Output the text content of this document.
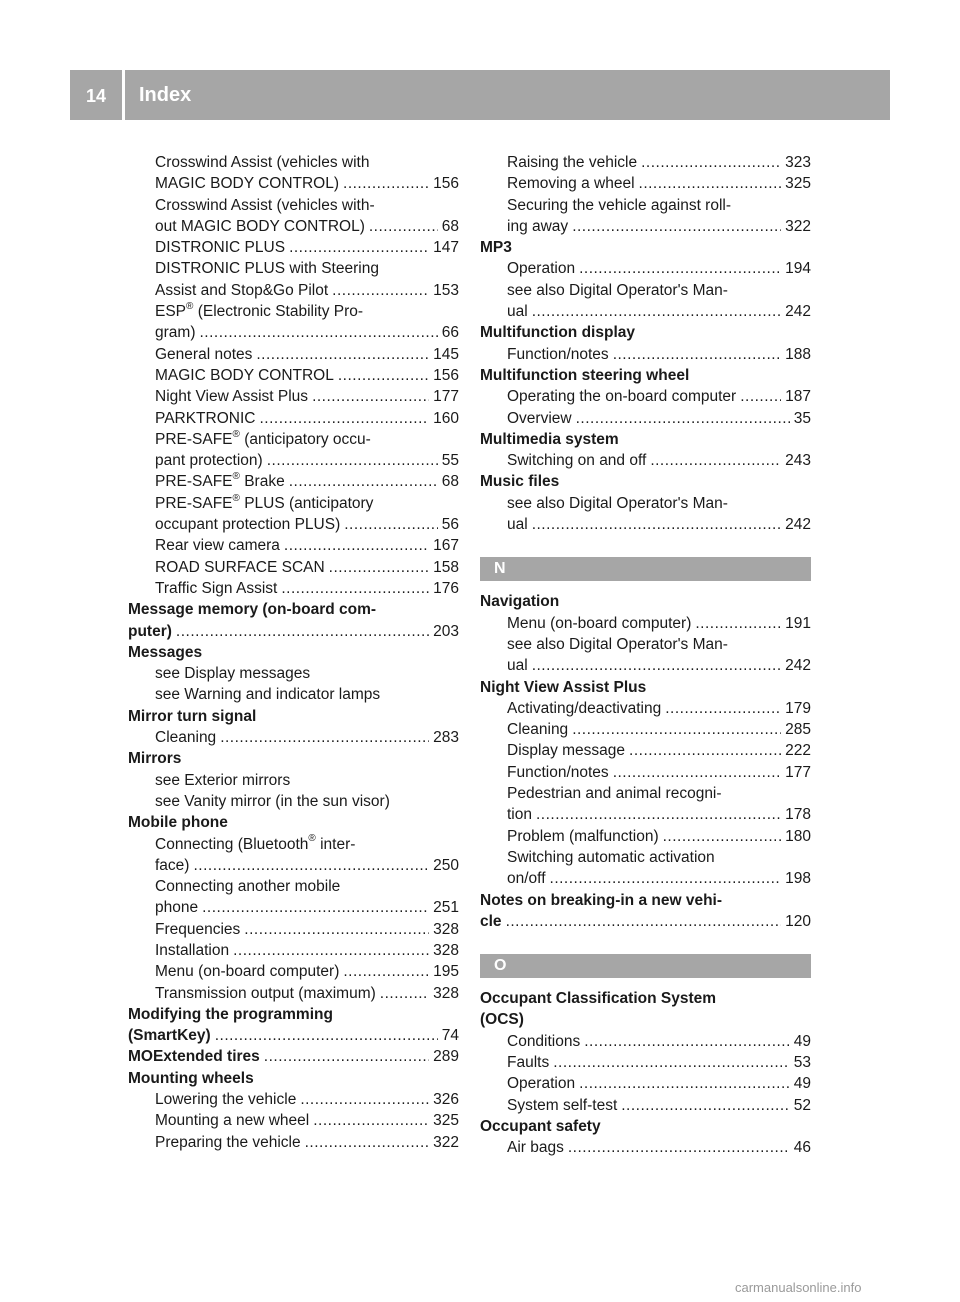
14	Index
Crosswind Assist (vehicles with
MAGIC BODY CONTROL) .....	156
Crosswind Assist (vehicles with-
out MAGIC BODY CONTROL) .....	68
DISTRONIC PLUS .....	147
DISTRONIC PLUS with Steering
Assist and Stop&Go Pilot .....	153
ESP® (Electronic Stability Pro-
gram) .....	66
General notes .....	145
MAGIC BODY CONTROL .....	156
Night View Assist Plus .....	177
PARKTRONIC .....	160
PRE-SAFE® (anticipatory occu-
pant protection) .....	55
PRE-SAFE® Brake .....	68
PRE-SAFE® PLUS (anticipatory
occupant protection PLUS) .....	56
Rear view camera .....	167
ROAD SURFACE SCAN .....	158
Traffic Sign Assist .....	176
Message memory (on-board com-
puter) .....	203
Messages
see Display messages
see Warning and indicator lamps
Mirror turn signal
Cleaning .....	283
Mirrors
see Exterior mirrors
see Vanity mirror (in the sun visor)
Mobile phone
Connecting (Bluetooth® inter-
face) .....	250
Connecting another mobile
phone .....	251
Frequencies .....	328
Installation .....	328
Menu (on-board computer) .....	195
Transmission output (maximum) .....	328
Modifying the programming
(SmartKey) .....	74
MOExtended tires .....	289
Mounting wheels
Lowering the vehicle .....	326
Mounting a new wheel .....	325
Preparing the vehicle .....	322
Raising the vehicle .....	323
Removing a wheel .....	325
Securing the vehicle against roll-
ing away .....	322
MP3
Operation .....	194
see also Digital Operator's Man-
ual .....	242
Multifunction display
Function/notes .....	188
Multifunction steering wheel
Operating the on-board computer .....	187
Overview .....	35
Multimedia system
Switching on and off .....	243
Music files
see also Digital Operator's Man-
ual .....	242
N
Navigation
Menu (on-board computer) .....	191
see also Digital Operator's Man-
ual .....	242
Night View Assist Plus
Activating/deactivating .....	179
Cleaning .....	285
Display message .....	222
Function/notes .....	177
Pedestrian and animal recogni-
tion .....	178
Problem (malfunction) .....	180
Switching automatic activation
on/off .....	198
Notes on breaking-in a new vehi-
cle .....	120
O
Occupant Classification System
(OCS)
Conditions .....	49
Faults .....	53
Operation .....	49
System self-test .....	52
Occupant safety
Air bags .....	46
carmanualsonline.info
